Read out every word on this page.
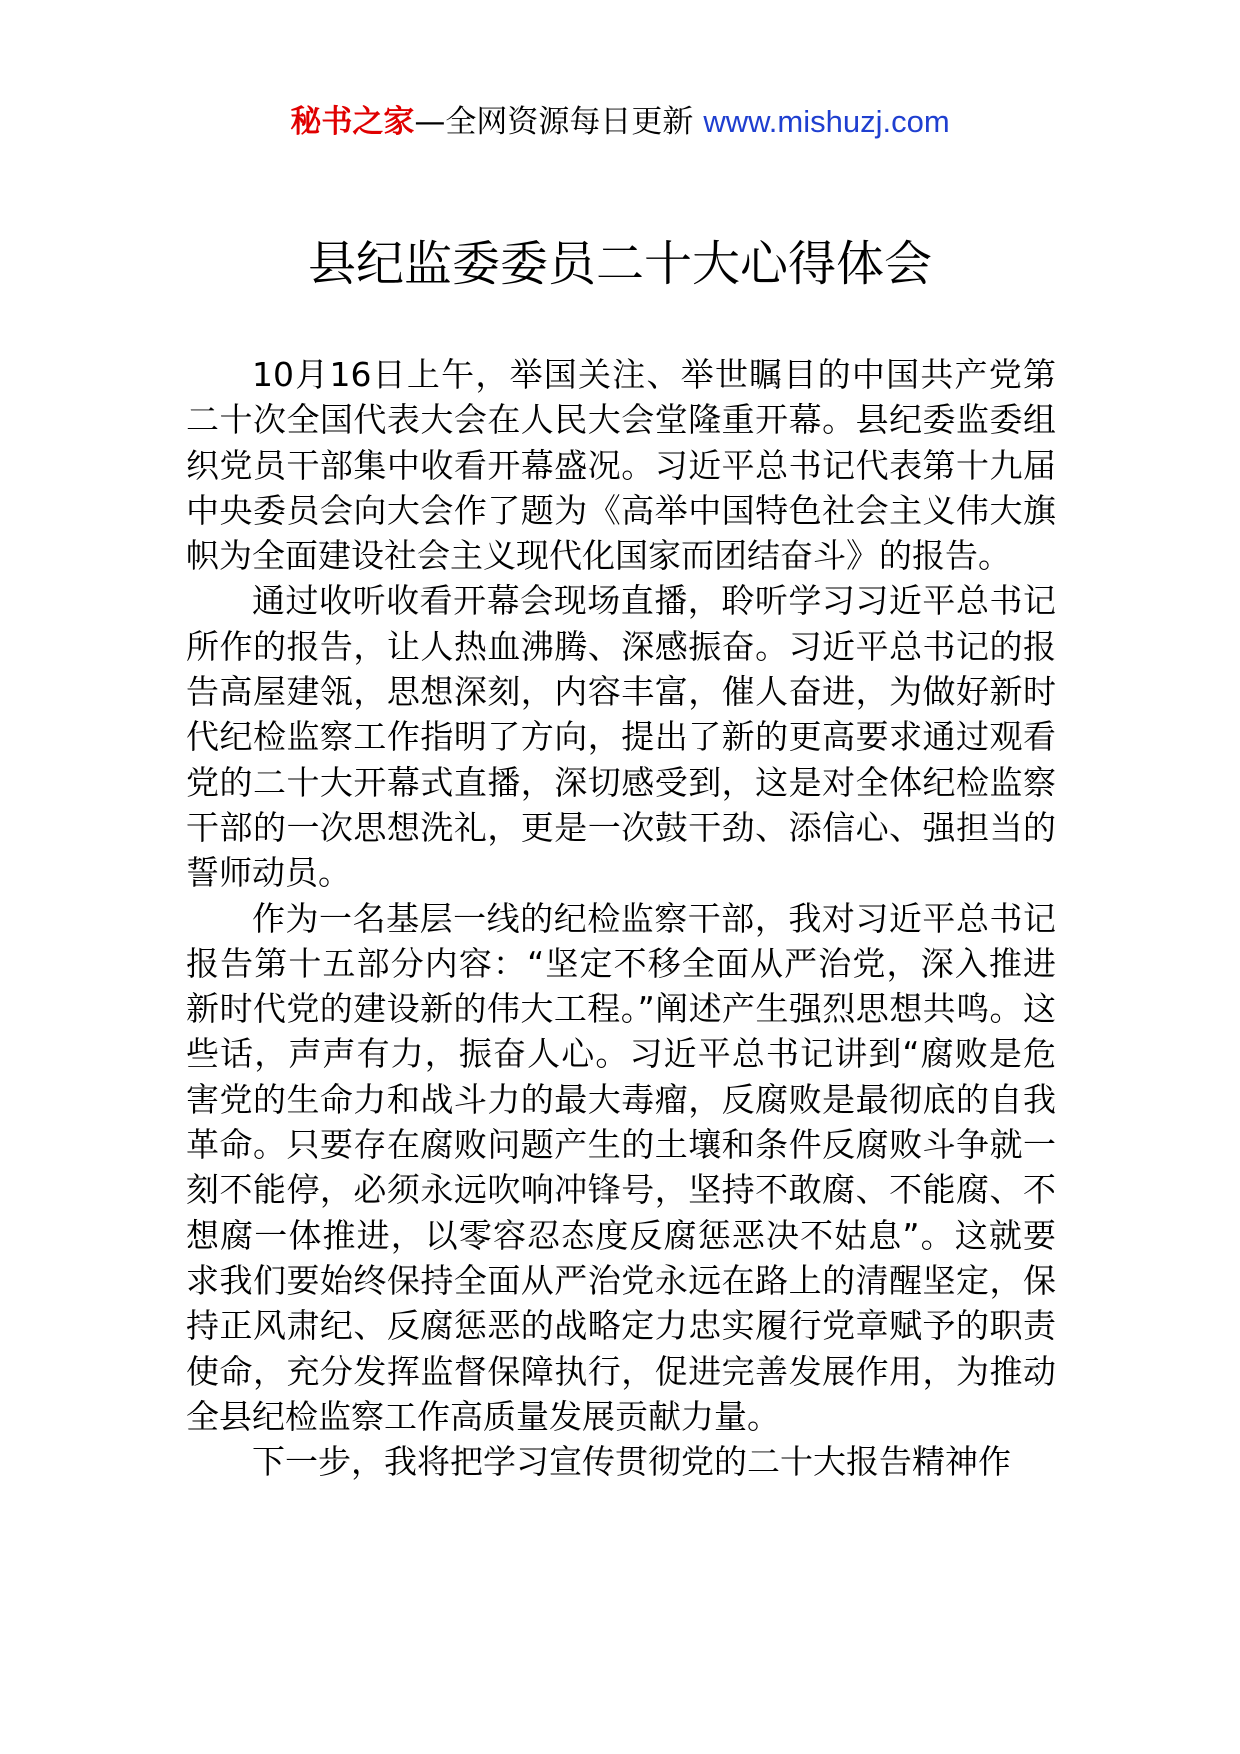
秘书之家—全网资源每日更新 www.mishuzj.com
县纪监委委员二十大心得体会

10月16日上午，举国关注、举世瞩目的中国共产党第二十次全国代表大会在人民大会堂隆重开幕。县纪委监委组织党员干部集中收看开幕盛况。习近平总书记代表第十九届中央委员会向大会作了题为《高举中国特色社会主义伟大旗帜为全面建设社会主义现代化国家而团结奋斗》的报告。

通过收听收看开幕会现场直播，聆听学习习近平总书记所作的报告，让人热血沸腾、深感振奋。习近平总书记的报告高屋建瓴，思想深刻，内容丰富，催人奋进，为做好新时代纪检监察工作指明了方向，提出了新的更高要求通过观看党的二十大开幕式直播，深切感受到，这是对全体纪检监察干部的一次思想洗礼，更是一次鼓干劲、添信心、强担当的誓师动员。

作为一名基层一线的纪检监察干部，我对习近平总书记报告第十五部分内容：“坚定不移全面从严治党，深入推进新时代党的建设新的伟大工程。”阐述产生强烈思想共鸣。这些话，声声有力，振奋人心。习近平总书记讲到“腐败是危害党的生命力和战斗力的最大毒瘤，反腐败是最彻底的自我革命。只要存在腐败问题产生的土壤和条件反腐败斗争就一刻不能停，必须永远吹响冲锋号，坚持不敢腐、不能腐、不想腐一体推进，以零容忍态度反腐惩恶决不姑息”。这就要求我们要始终保持全面从严治党永远在路上的清醒坚定，保持正风肃纪、反腐惩恶的战略定力忠实履行党章赋予的职责使命，充分发挥监督保障执行，促进完善发展作用，为推动全县纪检监察工作高质量发展贡献力量。

下一步，我将把学习宣传贯彻党的二十大报告精神作
